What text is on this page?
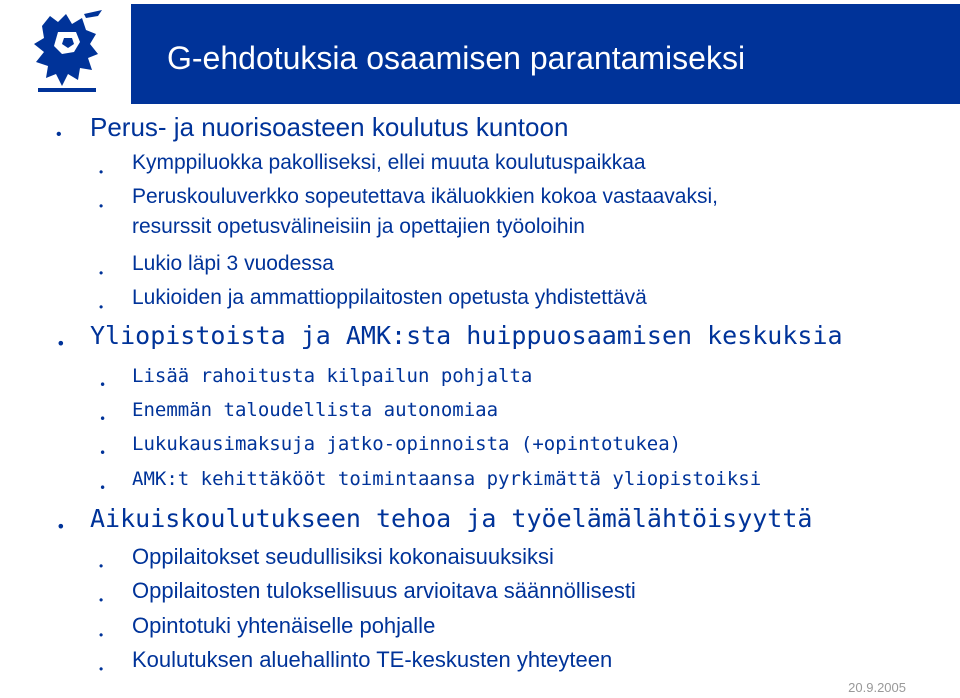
G-ehdotuksia osaamisen parantamiseksi
• Perus- ja nuorisoasteen koulutus kuntoon
• Kymppiluokka pakolliseksi, ellei muuta koulutuspaikkaa
• Peruskouluverkko sopeutettava ikäluokkien kokoa vastaavaksi,
resurssit opetusvälineisiin ja opettajien työoloihin
• Lukio läpi 3 vuodessa
• Lukioiden ja ammattioppilaitosten opetusta yhdistettävä
• Yliopistoista ja AMK:sta huippuosaamisen keskuksia
• Lisää rahoitusta kilpailun pohjalta
• Enemmän taloudellista autonomiaa
• Lukukausimaksuja jatko-opinnoista (+opintotukea)
• AMK:t kehittäkööt toimintaansa pyrkimättä yliopistoiksi
• Aikuiskoulutukseen tehoa ja työelämälähtöisyyttä
• Oppilaitokset seudullisiksi kokonaisuuksiksi
• Oppilaitosten tuloksellisuus arvioitava säännöllisesti
• Opintotuki yhtenäiselle pohjalle
• Koulutuksen aluehallinto TE-keskusten yhteyteen
20.9.2005
